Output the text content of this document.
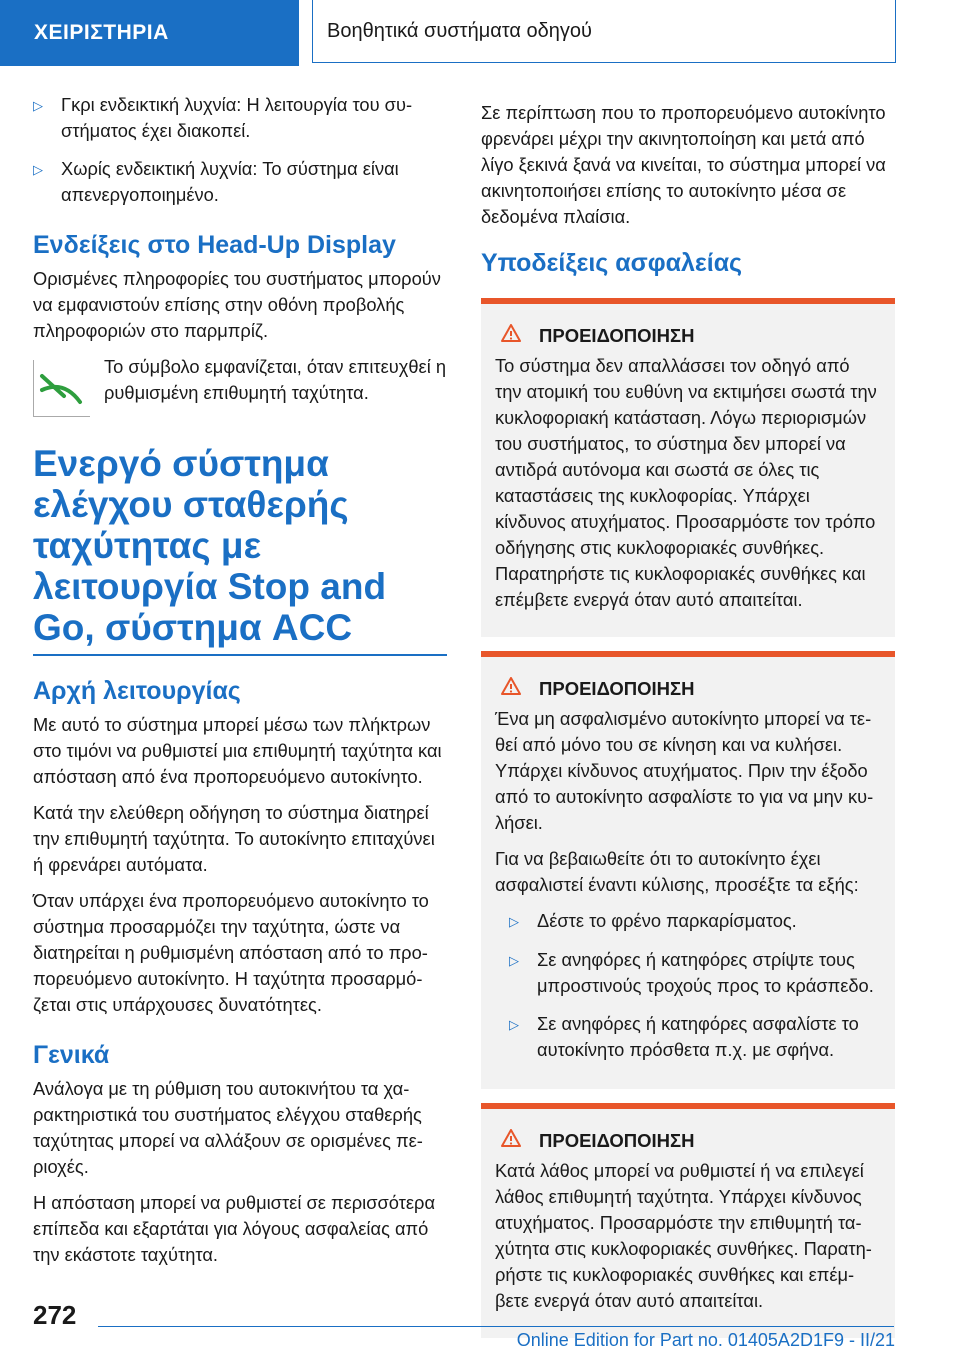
ΧΕΙΡΙΣΤΗΡΙΑ	Βοηθητικά συστήματα οδηγού
▷ Γκρι ενδεικτική λυχνία: Η λειτουργία του συστήματος έχει διακοπεί.
▷ Χωρίς ενδεικτική λυχνία: Το σύστημα είναι απενεργοποιημένο.
Ενδείξεις στο Head-Up Display

Ορισμένες πληροφορίες του συστήματος μπορούν να εμφανιστούν επίσης στην οθόνη προβολής πληροφοριών στο παρμπρίζ.

Το σύμβολο εμφανίζεται, όταν επιτευχθεί η ρυθμισμένη επιθυμητή ταχύτητα.
Ενεργό σύστημα ελέγχου σταθερής ταχύτητας με λειτουργία Stop and Go, σύστημα ACC
Αρχή λειτουργίας

Με αυτό το σύστημα μπορεί μέσω των πλήκτρων στο τιμόνι να ρυθμιστεί μια επιθυμητή ταχύτητα και απόσταση από ένα προπορευόμενο αυτοκίνητο.

Κατά την ελεύθερη οδήγηση το σύστημα διατηρεί την επιθυμητή ταχύτητα. Το αυτοκίνητο επιταχύνει ή φρενάρει αυτόματα.

Όταν υπάρχει ένα προπορευόμενο αυτοκίνητο το σύστημα προσαρμόζει την ταχύτητα, ώστε να διατηρείται η ρυθμισμένη απόσταση από το προπορευόμενο αυτοκίνητο. Η ταχύτητα προσαρμόζεται στις υπάρχουσες δυνατότητες.

Γενικά

Ανάλογα με τη ρύθμιση του αυτοκινήτου τα χαρακτηριστικά του συστήματος ελέγχου σταθερής ταχύτητας μπορεί να αλλάξουν σε ορισμένες περιοχές.

Η απόσταση μπορεί να ρυθμιστεί σε περισσότερα επίπεδα και εξαρτάται για λόγους ασφαλείας από την εκάστοτε ταχύτητα.

Σε περίπτωση που το προπορευόμενο αυτοκίνητο φρενάρει μέχρι την ακινητοποίηση και μετά από λίγο ξεκινά ξανά να κινείται, το σύστημα μπορεί να ακινητοποιήσει επίσης το αυτοκίνητο μέσα σε δεδομένα πλαίσια.

Υποδείξεις ασφαλείας
ΠΡΟΕΙΔΟΠΟΙΗΣΗ

Το σύστημα δεν απαλλάσσει τον οδηγό από την ατομική του ευθύνη να εκτιμήσει σωστά την κυκλοφοριακή κατάσταση. Λόγω περιορισμών του συστήματος, το σύστημα δεν μπορεί να αντιδρά αυτόνομα και σωστά σε όλες τις καταστάσεις της κυκλοφορίας. Υπάρχει κίνδυνος ατυχήματος. Προσαρμόστε τον τρόπο οδήγησης στις κυκλοφοριακές συνθήκες. Παρατηρήστε τις κυκλοφοριακές συνθήκες και επέμβετε ενεργά όταν αυτό απαιτείται.

ΠΡΟΕΙΔΟΠΟΙΗΣΗ

Ένα μη ασφαλισμένο αυτοκίνητο μπορεί να τεθεί από μόνο του σε κίνηση και να κυλήσει. Υπάρχει κίνδυνος ατυχήματος. Πριν την έξοδο από το αυτοκίνητο ασφαλίστε το για να μην κυλήσει.

Για να βεβαιωθείτε ότι το αυτοκίνητο έχει ασφαλιστεί έναντι κύλισης, προσέξτε τα εξής:

▷ Δέστε το φρένο παρκαρίσματος.
▷ Σε ανηφόρες ή κατηφόρες στρίψτε τους μπροστινούς τροχούς προς το κράσπεδο.
▷ Σε ανηφόρες ή κατηφόρες ασφαλίστε το αυτοκίνητο πρόσθετα π.χ. με σφήνα.
ΠΡΟΕΙΔΟΠΟΙΗΣΗ

Κατά λάθος μπορεί να ρυθμιστεί ή να επιλεγεί λάθος επιθυμητή ταχύτητα. Υπάρχει κίνδυνος ατυχήματος. Προσαρμόστε την επιθυμητή ταχύτητα στις κυκλοφοριακές συνθήκες. Παρατηρήστε τις κυκλοφοριακές συνθήκες και επέμβετε ενεργά όταν αυτό απαιτείται.

272
Online Edition for Part no. 01405A2D1F9 - II/21
